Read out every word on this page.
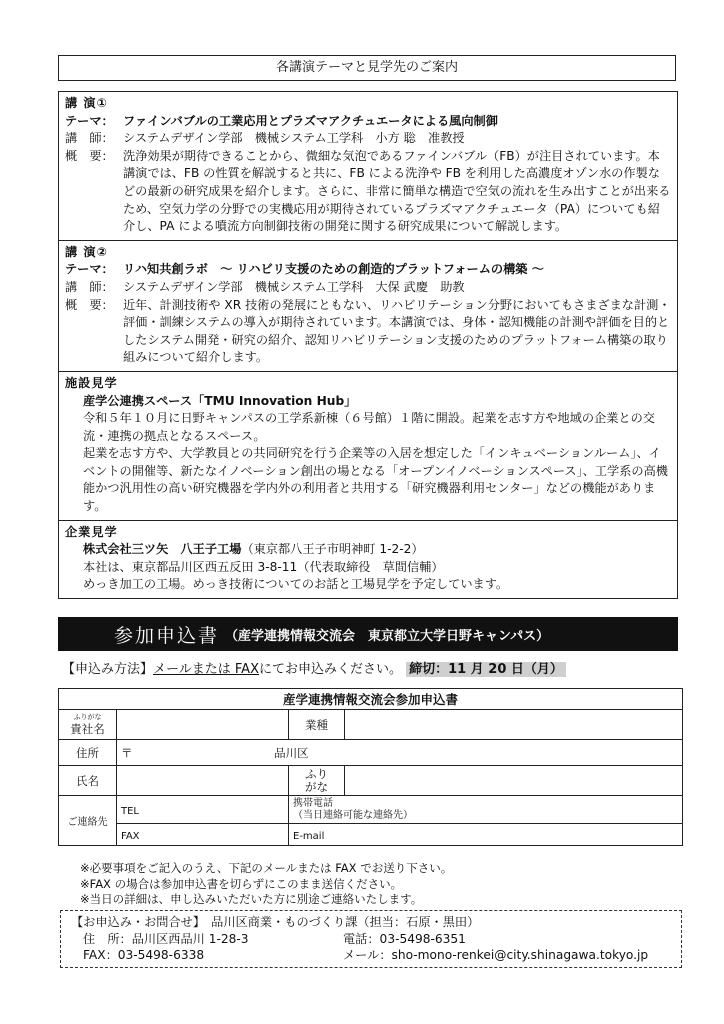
各講演テーマと見学先のご案内
講 演①
テーマ： ファインバブルの工業応用とプラズマアクチュエータによる風向制御
講　師： システムデザイン学部　機械システム工学科　小方 聡　准教授
概　要： 洗浄効果が期待できることから、微細な気泡であるファインバブル（FB）が注目されています。本講演では、FB の性質を解説すると共に、FB による洗浄や FB を利用した高濃度オゾン水の作製などの最新の研究成果を紹介します。さらに、非常に簡単な構造で空気の流れを生み出すことが出来るため、空気力学の分野での実機応用が期待されているプラズマアクチュエータ（PA）についても紹介し、PA による噴流方向制御技術の開発に関する研究成果について解説します。
講 演②
テーマ： リハ知共創ラボ　～ リハビリ支援のための創造的プラットフォームの構築 ～
講　師： システムデザイン学部　機械システム工学科　大保 武慶　助教
概　要： 近年、計測技術や XR 技術の発展にともない、リハビリテーション分野においてもさまざまな計測・評価・訓練システムの導入が期待されています。本講演では、身体・認知機能の計測や評価を目的としたシステム開発・研究の紹介、認知リハビリテーション支援のためのプラットフォーム構築の取り組みについて紹介します。
施設見学
産学公連携スペース「TMU Innovation Hub」
令和５年１０月に日野キャンパスの工学系新棟（６号館）１階に開設。起業を志す方や地域の企業との交流・連携の拠点となるスペース。
起業を志す方や、大学教員との共同研究を行う企業等の入居を想定した「インキュベーションルーム」、イベントの開催等、新たなイノベーション創出の場となる「オープンイノベーションスペース」、工学系の高機能かつ汎用性の高い研究機器を学内外の利用者と共用する「研究機器利用センター」などの機能があります。
企業見学
株式会社三ツ矢　八王子工場（東京都八王子市明神町 1-2-2）
本社は、東京都品川区西五反田 3-8-11（代表取締役　草間信輔）
めっき加工の工場。めっき技術についてのお話と工場見学を予定しています。
参加申込書 （産学連携情報交流会　東京都立大学日野キャンパス）
【申込み方法】メールまたは FAXにてお申込みください。 締切：11 月 20 日（月）
産学連携情報交流会参加申込書			

ふりがな
貴社名		業種	
住所	〒 品川区		
氏名		ふり
がな	
ご連絡先	TEL	携帯電話
（当日連絡可能な連絡先）	
	FAX	E-mail	
※必要事項をご記入のうえ、下記のメールまたは FAX でお送り下さい。
※FAX の場合は参加申込書を切らずにこのまま送信ください。
※当日の詳細は、申し込みいただいた方に別途ご連絡いたします。
【お申込み・お問合せ】　品川区商業・ものづくり課（担当：石原・黒田）
住　所：品川区西品川 1-28-3	電話：03-5498-6351
FAX：03-5498-6338	メール：sho-mono-renkei@city.shinagawa.tokyo.jp
